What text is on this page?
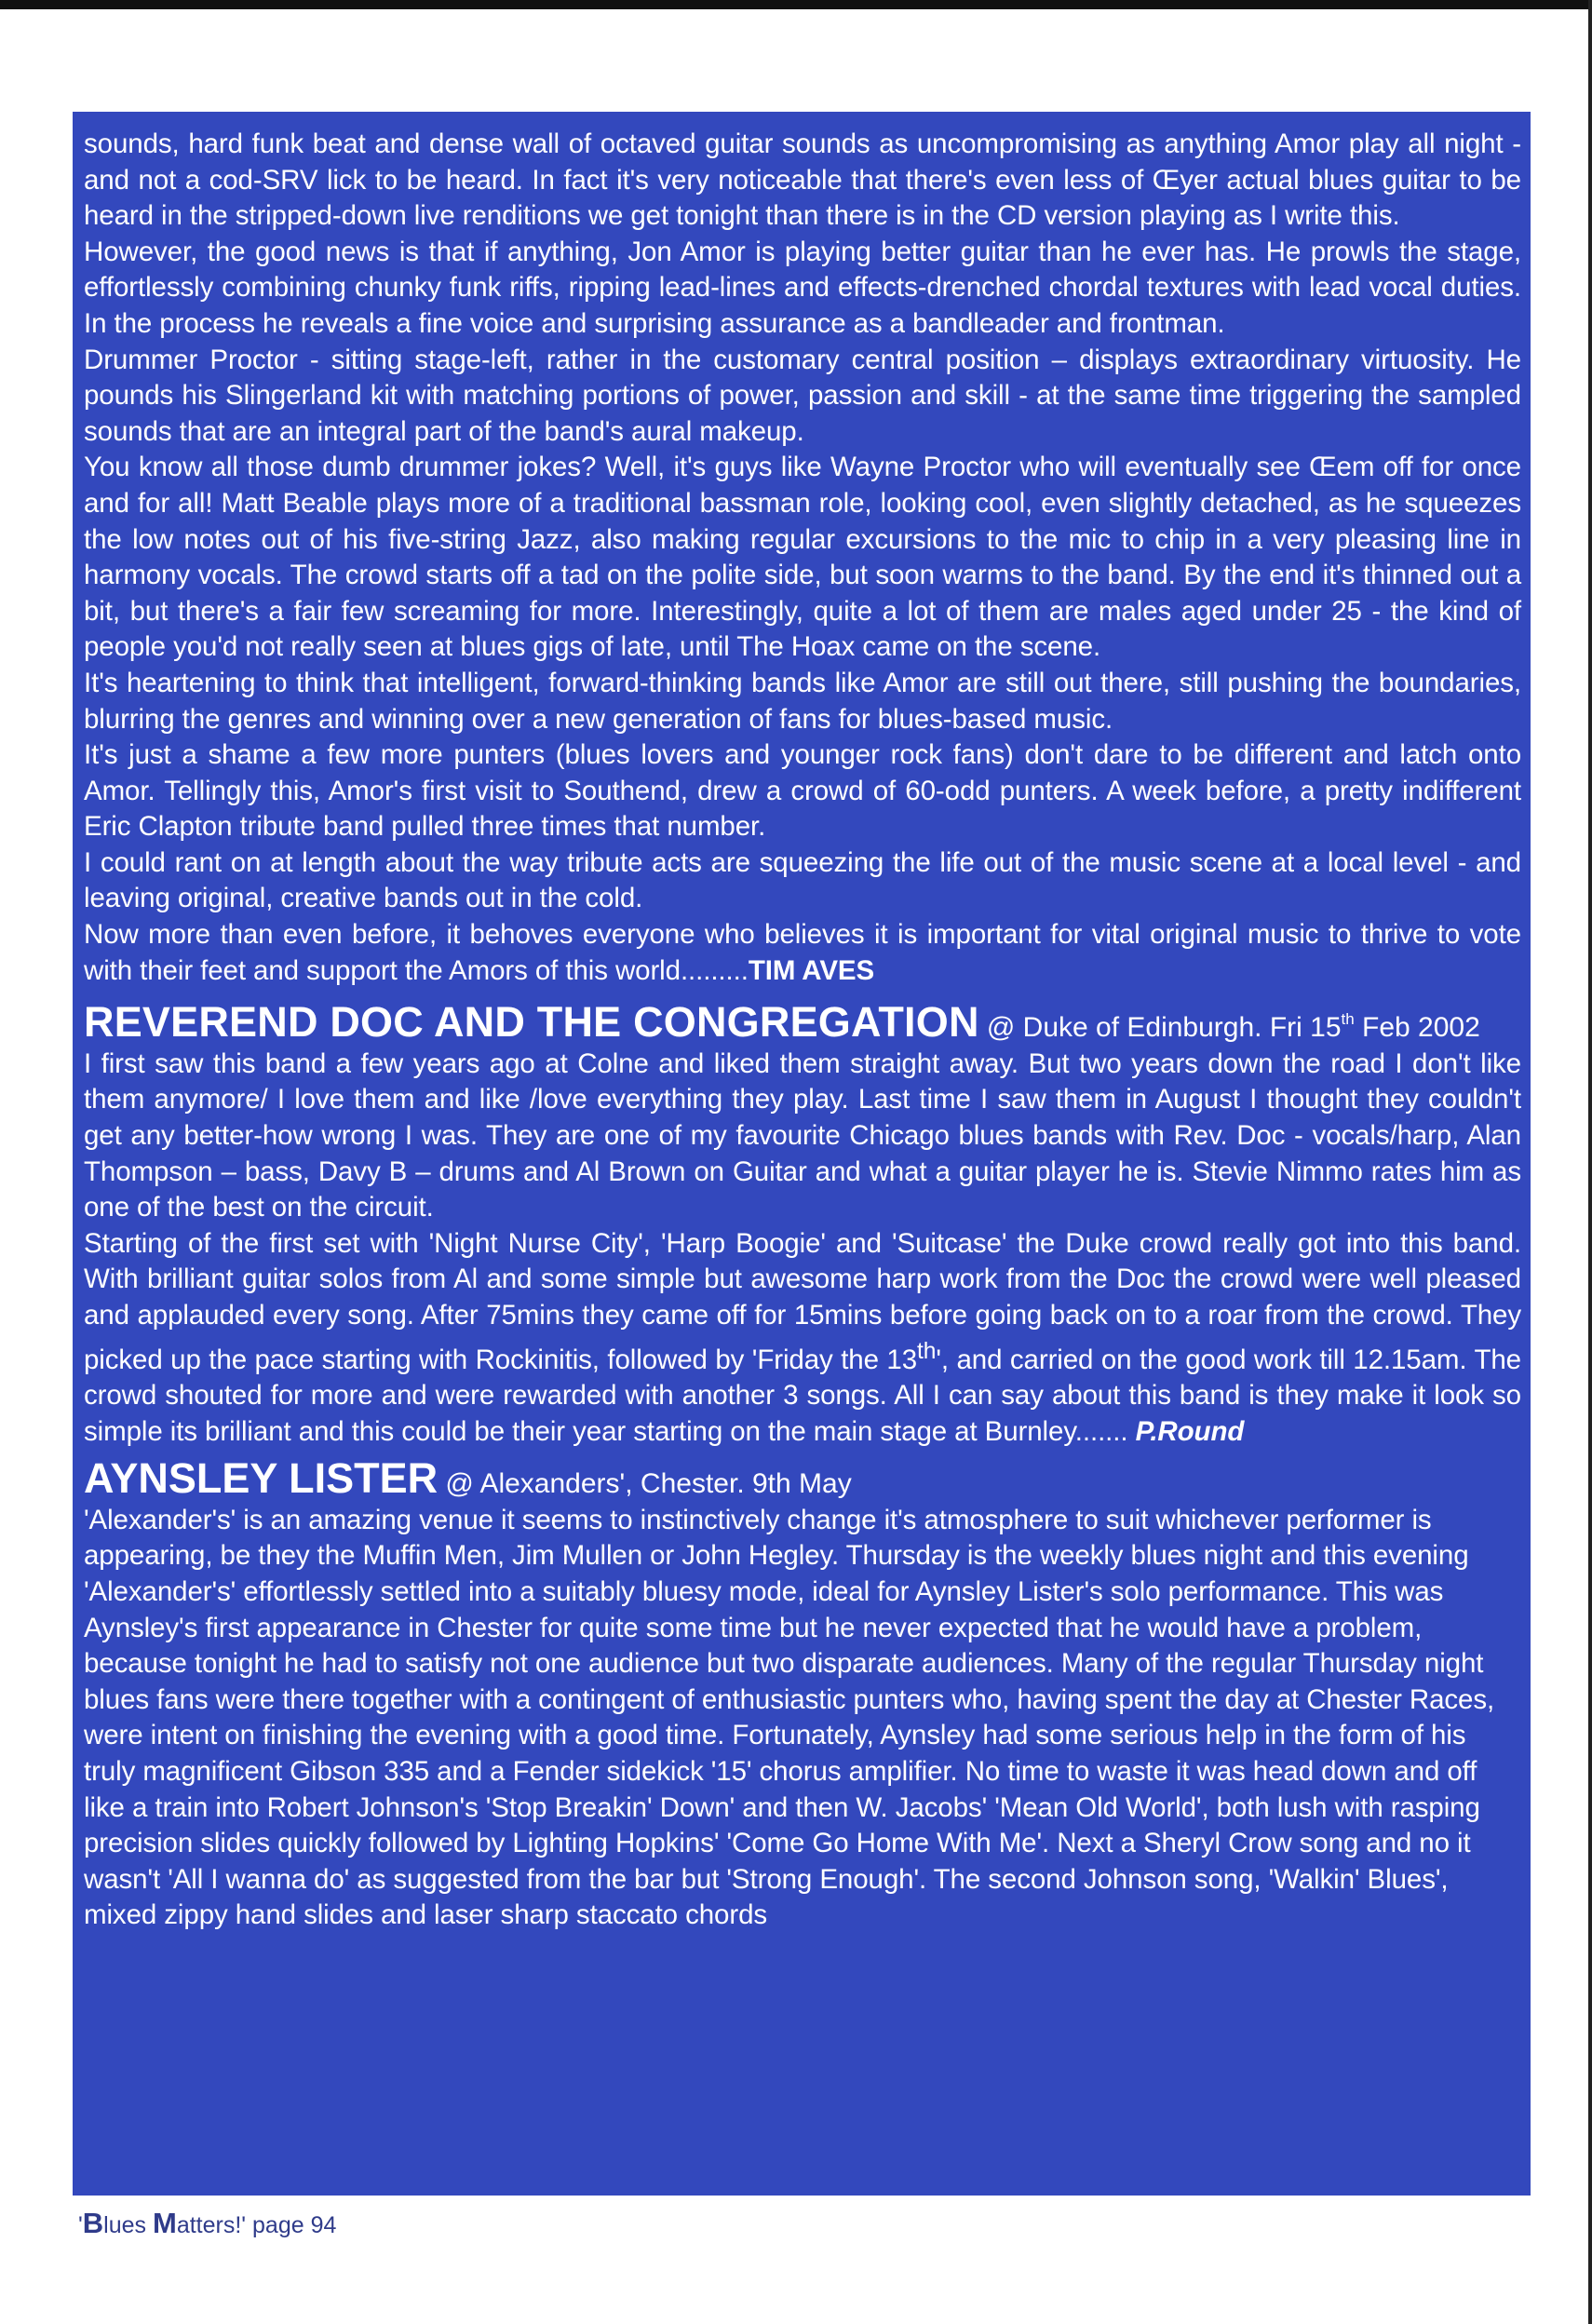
sounds, hard funk beat and dense wall of octaved guitar sounds as uncompromising as anything Amor play all night - and not a cod-SRV lick to be heard. In fact it's very noticeable that there's even less of Œyer actual blues guitar to be heard in the stripped-down live renditions we get tonight than there is in the CD version playing as I write this.

However, the good news is that if anything, Jon Amor is playing better guitar than he ever has. He prowls the stage, effortlessly combining chunky funk riffs, ripping lead-lines and effects-drenched chordal textures with lead vocal duties. In the process he reveals a fine voice and surprising assurance as a bandleader and frontman.

Drummer Proctor - sitting stage-left, rather in the customary central position – displays extraordinary virtuosity. He pounds his Slingerland kit with matching portions of power, passion and skill - at the same time triggering the sampled sounds that are an integral part of the band's aural makeup.

You know all those dumb drummer jokes? Well, it's guys like Wayne Proctor who will eventually see Œem off for once and for all! Matt Beable plays more of a traditional bassman role, looking cool, even slightly detached, as he squeezes the low notes out of his five-string Jazz, also making regular excursions to the mic to chip in a very pleasing line in harmony vocals. The crowd starts off a tad on the polite side, but soon warms to the band. By the end it's thinned out a bit, but there's a fair few screaming for more. Interestingly, quite a lot of them are males aged under 25 - the kind of people you'd not really seen at blues gigs of late, until The Hoax came on the scene.

It's heartening to think that intelligent, forward-thinking bands like Amor are still out there, still pushing the boundaries, blurring the genres and winning over a new generation of fans for blues-based music.

It's just a shame a few more punters (blues lovers and younger rock fans) don't dare to be different and latch onto Amor. Tellingly this, Amor's first visit to Southend, drew a crowd of 60-odd punters. A week before, a pretty indifferent Eric Clapton tribute band pulled three times that number.

I could rant on at length about the way tribute acts are squeezing the life out of the music scene at a local level - and leaving original, creative bands out in the cold.

Now more than even before, it behoves everyone who believes it is important for vital original music to thrive to vote with their feet and support the Amors of this world.........TIM AVES

REVEREND DOC AND THE CONGREGATION @ Duke of Edinburgh. Fri 15th Feb 2002

I first saw this band a few years ago at Colne and liked them straight away. But two years down the road I don't like them anymore/ I love them and like /love everything they play. Last time I saw them in August I thought they couldn't get any better-how wrong I was. They are one of my favourite Chicago blues bands with Rev. Doc - vocals/harp, Alan Thompson – bass, Davy B – drums and Al Brown on Guitar and what a guitar player he is. Stevie Nimmo rates him as one of the best on the circuit.

Starting of the first set with 'Night Nurse City', 'Harp Boogie' and 'Suitcase' the Duke crowd really got into this band. With brilliant guitar solos from Al and some simple but awesome harp work from the Doc the crowd were well pleased and applauded every song. After 75mins they came off for 15mins before going back on to a roar from the crowd. They picked up the pace starting with Rockinitis, followed by 'Friday the 13th', and carried on the good work till 12.15am. The crowd shouted for more and were rewarded with another 3 songs. All I can say about this band is they make it look so simple its brilliant and this could be their year starting on the main stage at Burnley....... P.Round

AYNSLEY LISTER @ Alexanders', Chester. 9th May

'Alexander's' is an amazing venue it seems to instinctively change it's atmosphere to suit whichever performer is appearing, be they the Muffin Men, Jim Mullen or John Hegley. Thursday is the weekly blues night and this evening 'Alexander's' effortlessly settled into a suitably bluesy mode, ideal for Aynsley Lister's solo performance. This was Aynsley's first appearance in Chester for quite some time but he never expected that he would have a problem, because tonight he had to satisfy not one audience but two disparate audiences. Many of the regular Thursday night blues fans were there together with a contingent of enthusiastic punters who, having spent the day at Chester Races, were intent on finishing the evening with a good time. Fortunately, Aynsley had some serious help in the form of his truly magnificent Gibson 335 and a Fender sidekick '15' chorus amplifier. No time to waste it was head down and off like a train into Robert Johnson's 'Stop Breakin' Down' and then W. Jacobs' 'Mean Old World', both lush with rasping precision slides quickly followed by Lighting Hopkins' 'Come Go Home With Me'. Next a Sheryl Crow song and no it wasn't 'All I wanna do' as suggested from the bar but 'Strong Enough'. The second Johnson song, 'Walkin' Blues', mixed zippy hand slides and laser sharp staccato chords

'Blues Matters!' page 94
